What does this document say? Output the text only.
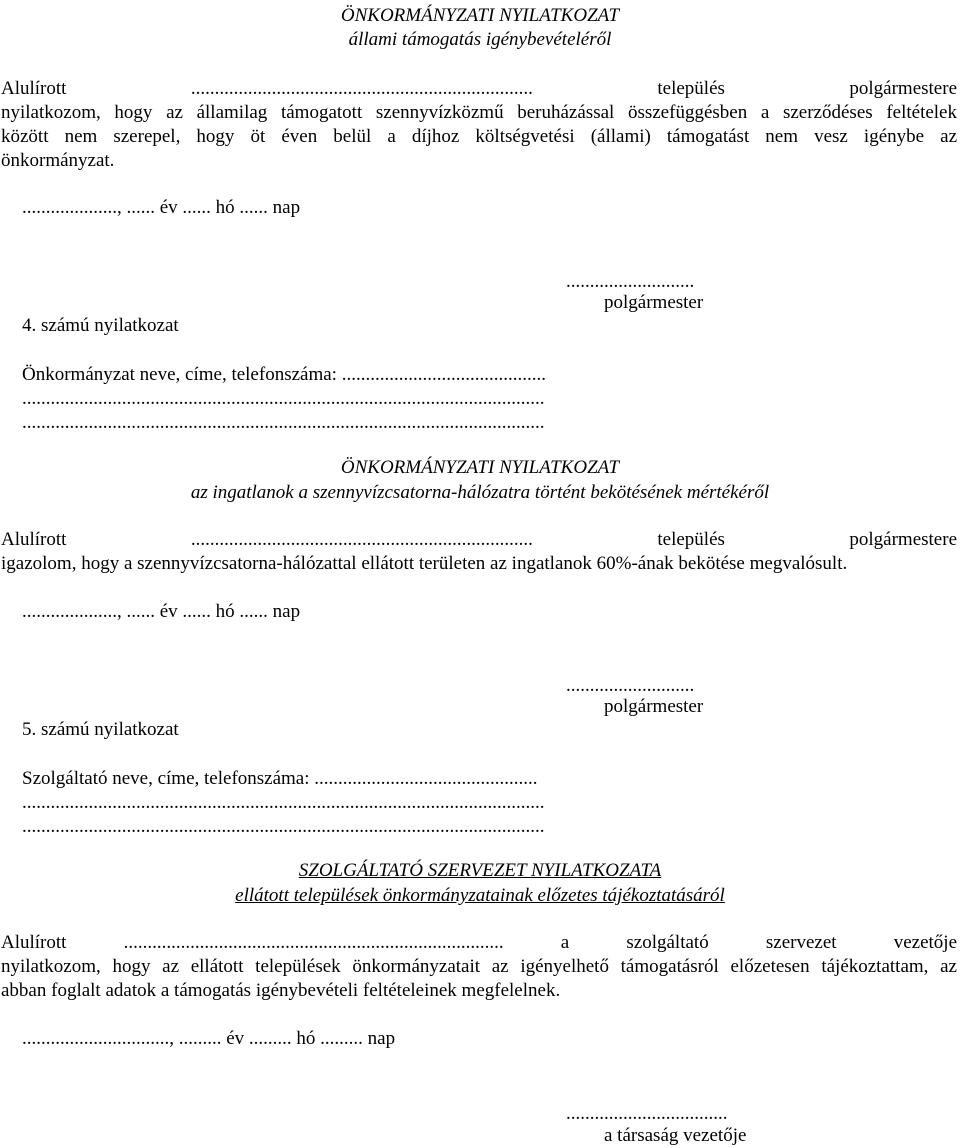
ÖNKORMÁNYZATI NYILATKOZAT
állami támogatás igénybevételéről
Alulírott ........................................................................ település polgármestere
nyilatkozom, hogy az államilag támogatott szennyvízközmű beruházással összefüggésben a szerződéses feltételek
között nem szerepel, hogy öt éven belül a díjhoz költségvetési (állami) támogatást nem vesz igénybe az
önkormányzat.
...................., ...... év ...... hó ...... nap
...........................
polgármester
4. számú nyilatkozat
Önkormányzat neve, címe, telefonszáma: ...........................................
..............................................................................................................
..............................................................................................................
ÖNKORMÁNYZATI NYILATKOZAT
az ingatlanok a szennyvízcsatorna-hálózatra történt bekötésének mértékéről
Alulírott ........................................................................ település polgármestere
igazolom, hogy a szennyvízcsatorna-hálózattal ellátott területen az ingatlanok 60%-ának bekötése megvalósult.
...................., ...... év ...... hó ...... nap
...........................
polgármester
5. számú nyilatkozat
Szolgáltató neve, címe, telefonszáma: ...............................................
..............................................................................................................
..............................................................................................................
SZOLGÁLTATÓ SZERVEZET NYILATKOZATA
ellátott települések önkormányzatainak előzetes tájékoztatásáról
Alulírott ................................................................................ a szolgáltató szervezet vezetője
nyilatkozom, hogy az ellátott települések önkormányzatait az igényelhető támogatásról előzetesen tájékoztattam, az
abban foglalt adatok a támogatás igénybevételi feltételeinek megfelelnek.
..............................., ......... év ......... hó ......... nap
..................................
a társaság vezetője
